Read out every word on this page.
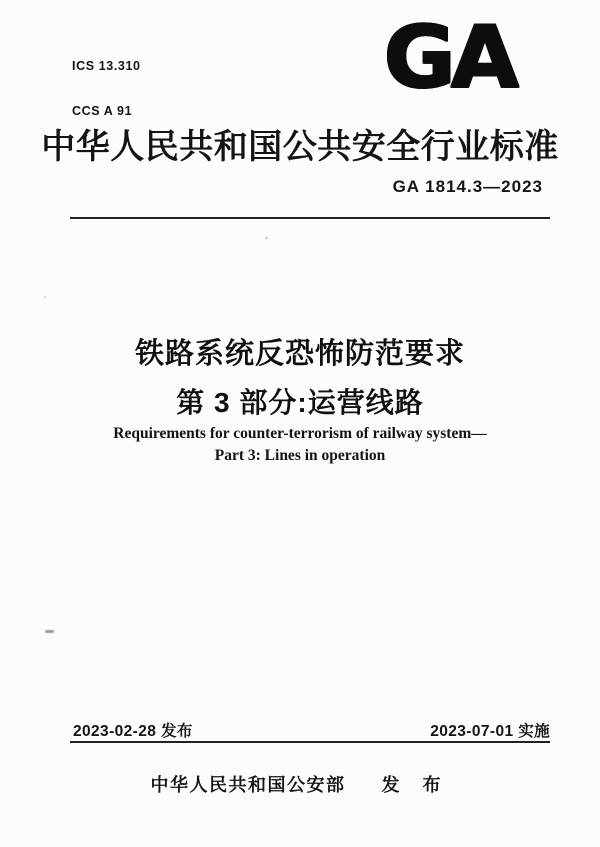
ICS 13.310

CCS A 91

GA
中华人民共和国公共安全行业标准
GA 1814.3—2023
铁路系统反恐怖防范要求
第 3 部分:运营线路
Requirements for counter-terrorism of railway system—
Part 3: Lines in operation
2023-02-28 发布	2023-07-01 实施
中华人民共和国公安部 发 布
